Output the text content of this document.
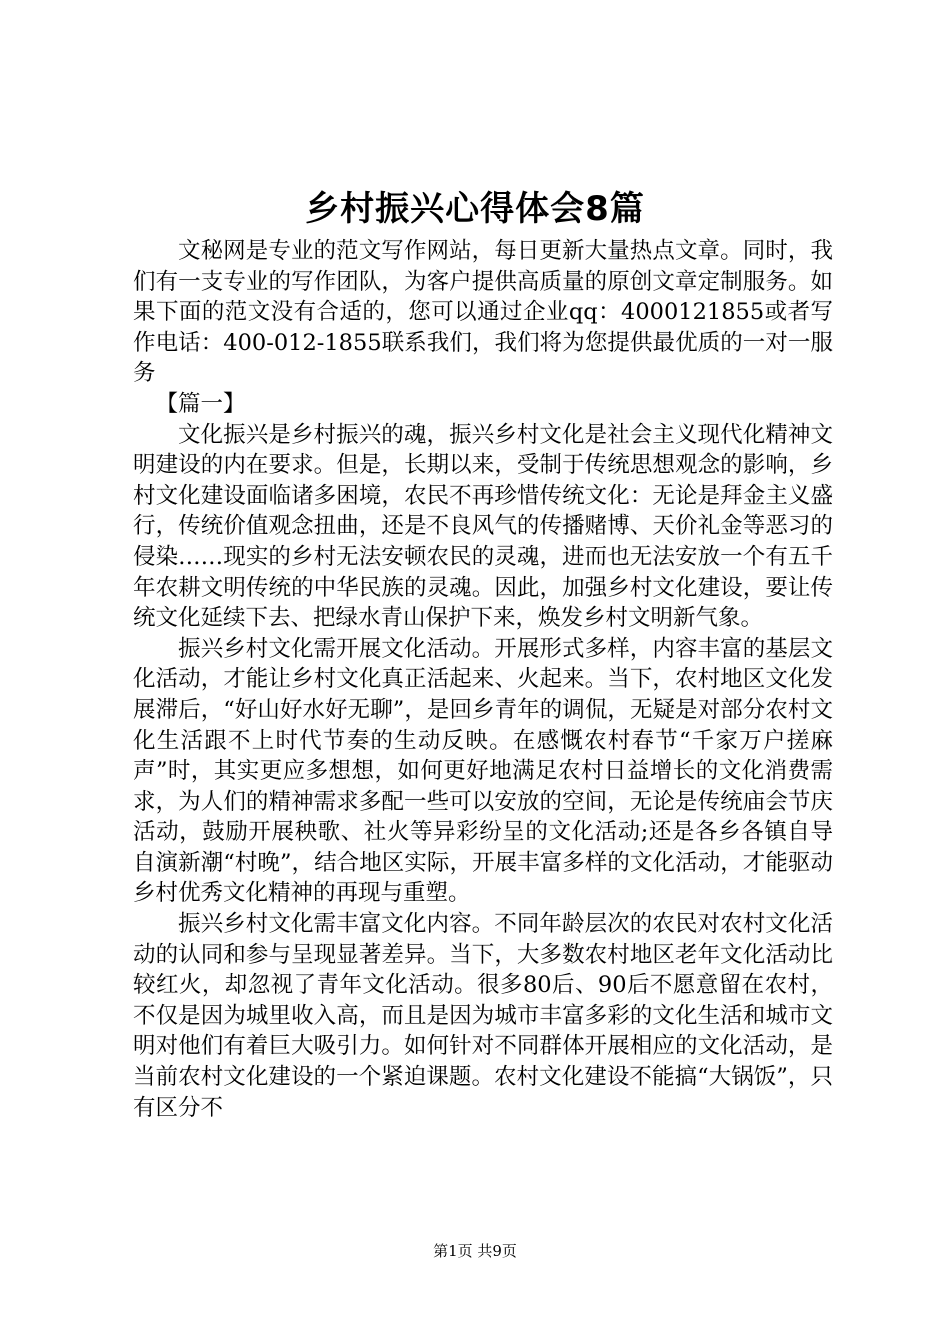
乡村振兴心得体会8篇

文秘网是专业的范文写作网站，每日更新大量热点文章。同时，我们有一支专业的写作团队，为客户提供高质量的原创文章定制服务。如果下面的范文没有合适的，您可以通过企业qq：4000121855或者写作电话：400-012-1855联系我们，我们将为您提供最优质的一对一服务

【篇一】

文化振兴是乡村振兴的魂，振兴乡村文化是社会主义现代化精神文明建设的内在要求。但是，长期以来，受制于传统思想观念的影响，乡村文化建设面临诸多困境，农民不再珍惜传统文化：无论是拜金主义盛行，传统价值观念扭曲，还是不良风气的传播赌博、天价礼金等恶习的侵染……现实的乡村无法安顿农民的灵魂，进而也无法安放一个有五千年农耕文明传统的中华民族的灵魂。因此，加强乡村文化建设，要让传统文化延续下去、把绿水青山保护下来，焕发乡村文明新气象。

振兴乡村文化需开展文化活动。开展形式多样，内容丰富的基层文化活动，才能让乡村文化真正活起来、火起来。当下，农村地区文化发展滞后，“好山好水好无聊”，是回乡青年的调侃，无疑是对部分农村文化生活跟不上时代节奏的生动反映。在感慨农村春节“千家万户搓麻声”时，其实更应多想想，如何更好地满足农村日益增长的文化消费需求，为人们的精神需求多配一些可以安放的空间，无论是传统庙会节庆活动，鼓励开展秧歌、社火等异彩纷呈的文化活动;还是各乡各镇自导自演新潮“村晚”，结合地区实际，开展丰富多样的文化活动，才能驱动乡村优秀文化精神的再现与重塑。

振兴乡村文化需丰富文化内容。不同年龄层次的农民对农村文化活动的认同和参与呈现显著差异。当下，大多数农村地区老年文化活动比较红火，却忽视了青年文化活动。很多80后、90后不愿意留在农村，不仅是因为城里收入高，而且是因为城市丰富多彩的文化生活和城市文明对他们有着巨大吸引力。如何针对不同群体开展相应的文化活动，是当前农村文化建设的一个紧迫课题。农村文化建设不能搞“大锅饭”，只有区分不

第1页 共9页
